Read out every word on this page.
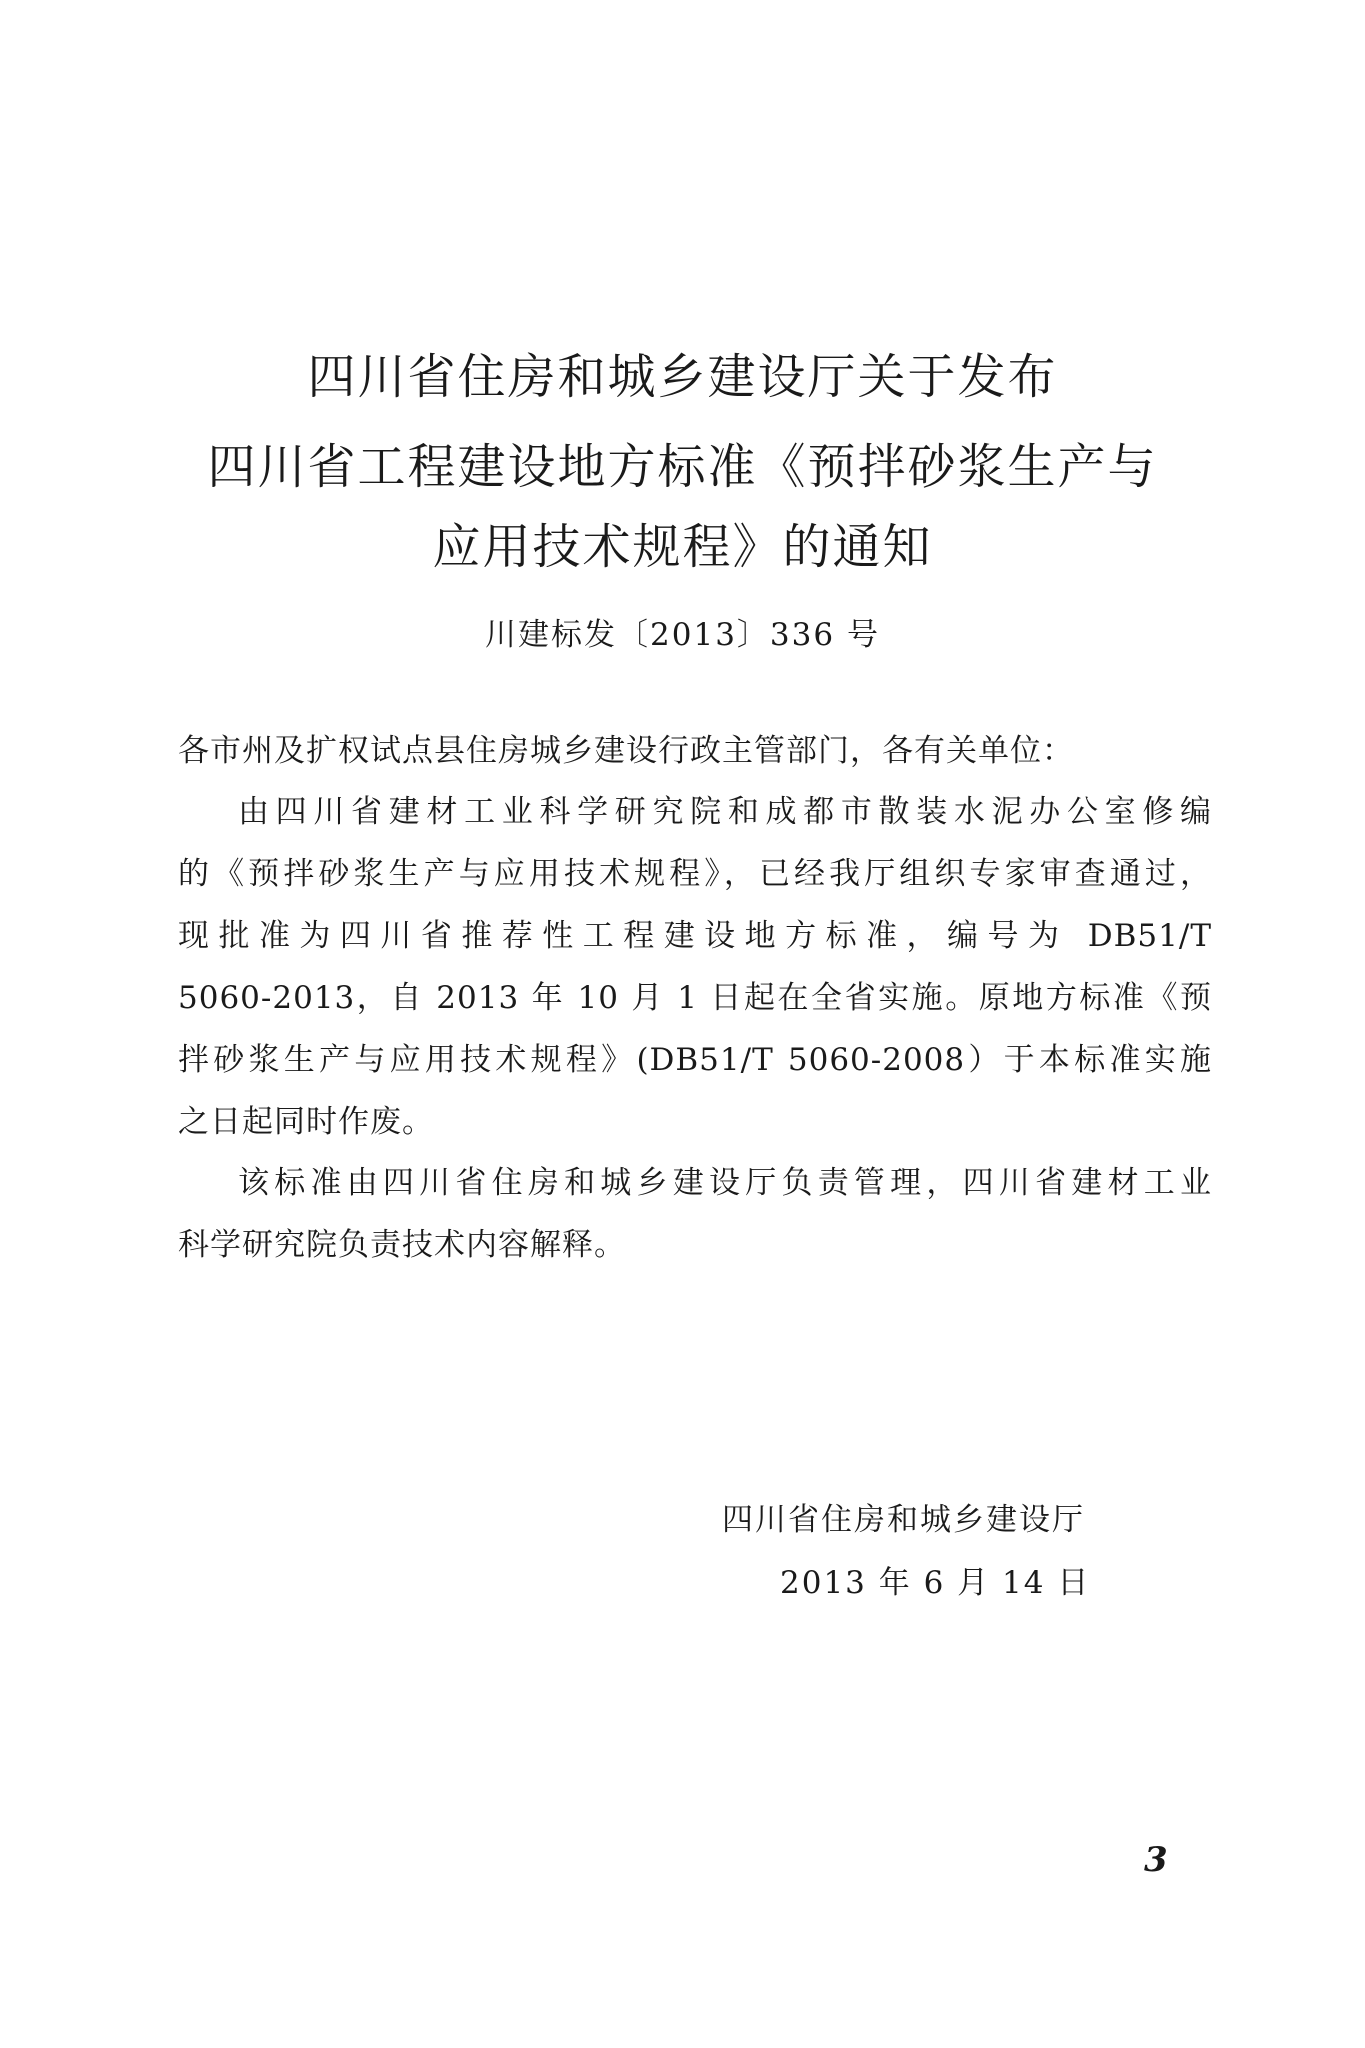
四川省住房和城乡建设厅关于发布
四川省工程建设地方标准《预拌砂浆生产与
应用技术规程》的通知
川建标发〔2013〕336 号
各市州及扩权试点县住房城乡建设行政主管部门，各有关单位：
由四川省建材工业科学研究院和成都市散装水泥办公室修编
的《预拌砂浆生产与应用技术规程》，已经我厅组织专家审查通过，
现批准为四川省推荐性工程建设地方标准，编号为 DB51/T
5060-2013，自 2013 年 10 月 1 日起在全省实施。原地方标准《预
拌砂浆生产与应用技术规程》(DB51/T 5060-2008）于本标准实施
之日起同时作废。
该标准由四川省住房和城乡建设厅负责管理，四川省建材工业
科学研究院负责技术内容解释。
四川省住房和城乡建设厅
2013 年 6 月 14 日
3
